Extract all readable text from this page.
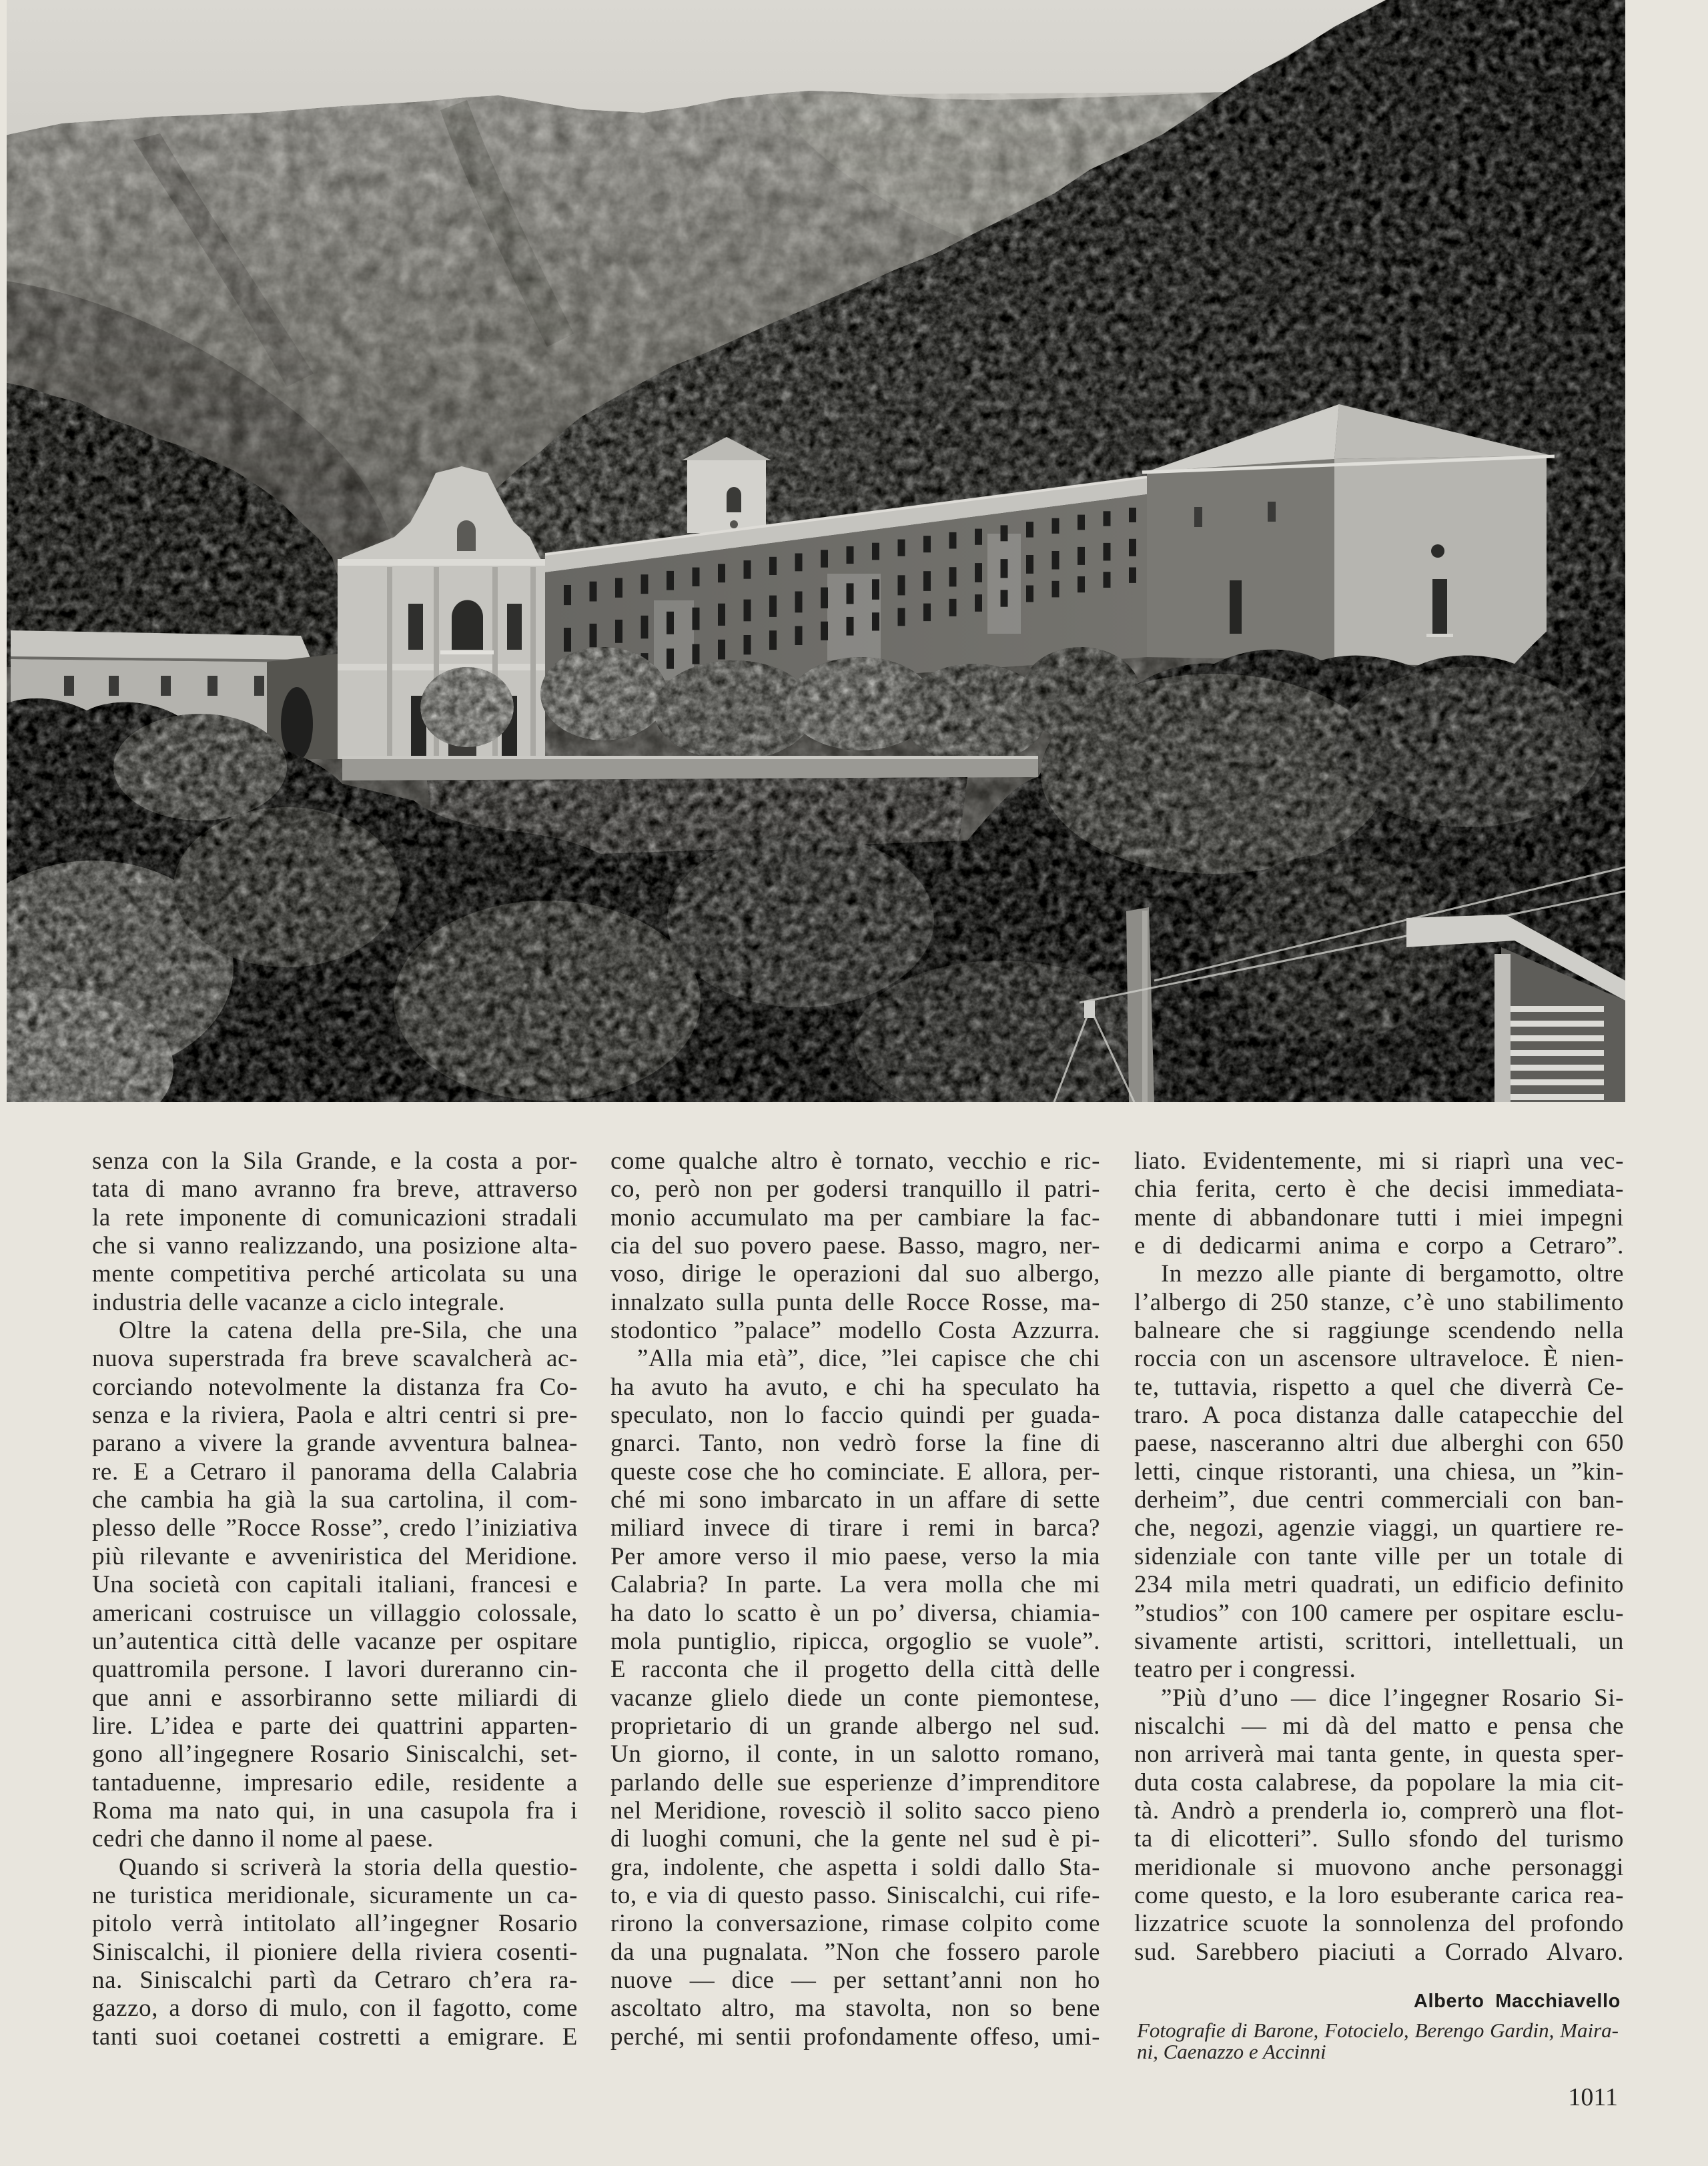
senza con la Sila Grande, e la costa a por-
tata di mano avranno fra breve, attraverso
la rete imponente di comunicazioni stradali
che si vanno realizzando, una posizione alta-
mente competitiva perché articolata su una
industria delle vacanze a ciclo integrale.
Oltre la catena della pre-Sila, che una
nuova superstrada fra breve scavalcherà ac-
corciando notevolmente la distanza fra Co-
senza e la riviera, Paola e altri centri si pre-
parano a vivere la grande avventura balnea-
re. E a Cetraro il panorama della Calabria
che cambia ha già la sua cartolina, il com-
plesso delle ”Rocce Rosse”, credo l’iniziativa
più rilevante e avveniristica del Meridione.
Una società con capitali italiani, francesi e
americani costruisce un villaggio colossale,
un’autentica città delle vacanze per ospitare
quattromila persone. I lavori dureranno cin-
que anni e assorbiranno sette miliardi di
lire. L’idea e parte dei quattrini apparten-
gono all’ingegnere Rosario Siniscalchi, set-
tantaduenne, impresario edile, residente a
Roma ma nato qui, in una casupola fra i
cedri che danno il nome al paese.
Quando si scriverà la storia della questio-
ne turistica meridionale, sicuramente un ca-
pitolo verrà intitolato all’ingegner Rosario
Siniscalchi, il pioniere della riviera cosenti-
na. Siniscalchi partì da Cetraro ch’era ra-
gazzo, a dorso di mulo, con il fagotto, come
tanti suoi coetanei costretti a emigrare. E
come qualche altro è tornato, vecchio e ric-
co, però non per godersi tranquillo il patri-
monio accumulato ma per cambiare la fac-
cia del suo povero paese. Basso, magro, ner-
voso, dirige le operazioni dal suo albergo,
innalzato sulla punta delle Rocce Rosse, ma-
stodontico ”palace” modello Costa Azzurra.
”Alla mia età”, dice, ”lei capisce che chi
ha avuto ha avuto, e chi ha speculato ha
speculato, non lo faccio quindi per guada-
gnarci. Tanto, non vedrò forse la fine di
queste cose che ho cominciate. E allora, per-
ché mi sono imbarcato in un affare di sette
miliard invece di tirare i remi in barca?
Per amore verso il mio paese, verso la mia
Calabria? In parte. La vera molla che mi
ha dato lo scatto è un po’ diversa, chiamia-
mola puntiglio, ripicca, orgoglio se vuole”.
E racconta che il progetto della città delle
vacanze glielo diede un conte piemontese,
proprietario di un grande albergo nel sud.
Un giorno, il conte, in un salotto romano,
parlando delle sue esperienze d’imprenditore
nel Meridione, rovesciò il solito sacco pieno
di luoghi comuni, che la gente nel sud è pi-
gra, indolente, che aspetta i soldi dallo Sta-
to, e via di questo passo. Siniscalchi, cui rife-
rirono la conversazione, rimase colpito come
da una pugnalata. ”Non che fossero parole
nuove — dice — per settant’anni non ho
ascoltato altro, ma stavolta, non so bene
perché, mi sentii profondamente offeso, umi-
liato. Evidentemente, mi si riaprì una vec-
chia ferita, certo è che decisi immediata-
mente di abbandonare tutti i miei impegni
e di dedicarmi anima e corpo a Cetraro”.
In mezzo alle piante di bergamotto, oltre
l’albergo di 250 stanze, c’è uno stabilimento
balneare che si raggiunge scendendo nella
roccia con un ascensore ultraveloce. È nien-
te, tuttavia, rispetto a quel che diverrà Ce-
traro. A poca distanza dalle catapecchie del
paese, nasceranno altri due alberghi con 650
letti, cinque ristoranti, una chiesa, un ”kin-
derheim”, due centri commerciali con ban-
che, negozi, agenzie viaggi, un quartiere re-
sidenziale con tante ville per un totale di
234 mila metri quadrati, un edificio definito
”studios” con 100 camere per ospitare esclu-
sivamente artisti, scrittori, intellettuali, un
teatro per i congressi.
”Più d’uno — dice l’ingegner Rosario Si-
niscalchi — mi dà del matto e pensa che
non arriverà mai tanta gente, in questa sper-
duta costa calabrese, da popolare la mia cit-
tà. Andrò a prenderla io, comprerò una flot-
ta di elicotteri”. Sullo sfondo del turismo
meridionale si muovono anche personaggi
come questo, e la loro esuberante carica rea-
lizzatrice scuote la sonnolenza del profondo
sud. Sarebbero piaciuti a Corrado Alvaro.
Alberto Macchiavello
Fotografie di Barone, Fotocielo, Berengo Gardin, Maira-
ni, Caenazzo e Accinni
1011
